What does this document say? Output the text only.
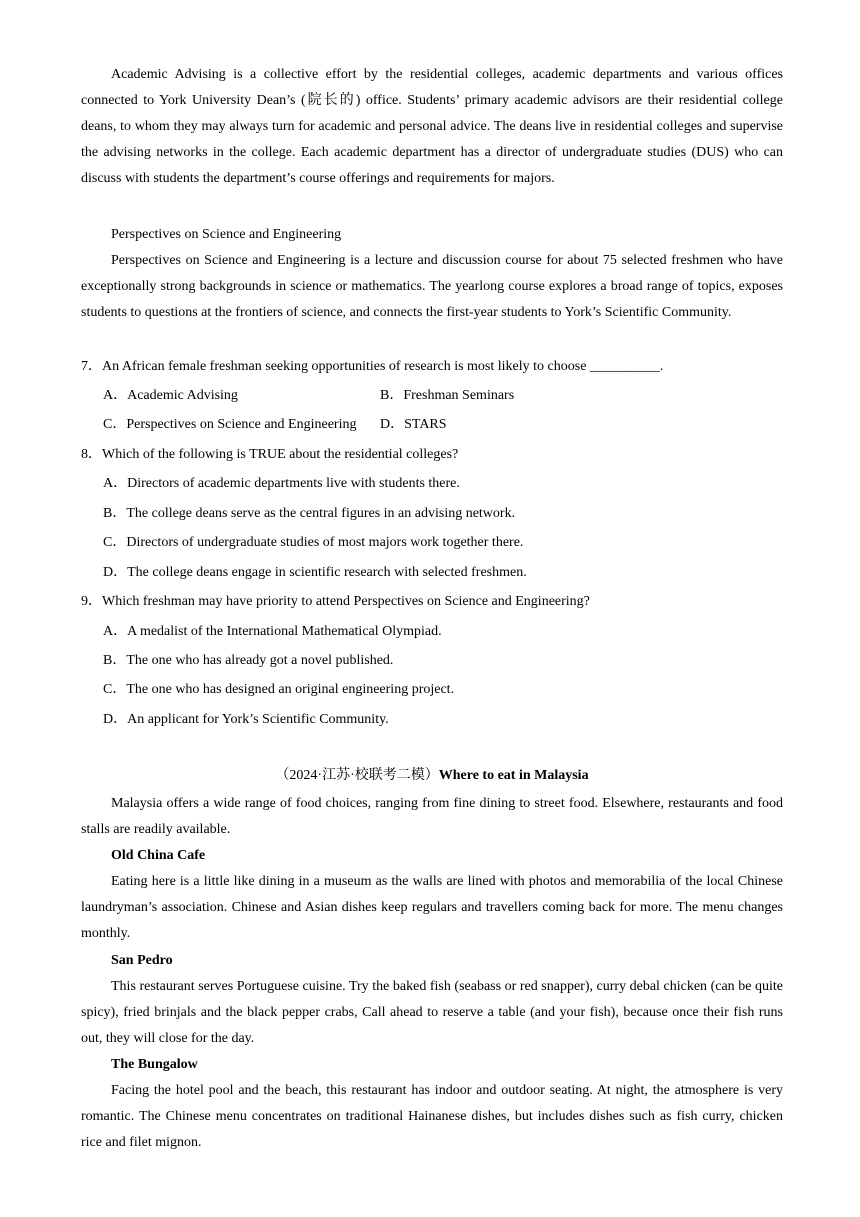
Academic Advising is a collective effort by the residential colleges, academic departments and various offices connected to York University Dean’s (院长的) office. Students’ primary academic advisors are their residential college deans, to whom they may always turn for academic and personal advice. The deans live in residential colleges and supervise the advising networks in the college. Each academic department has a director of undergraduate studies (DUS) who can discuss with students the department’s course offerings and requirements for majors.

Perspectives on Science and Engineering

Perspectives on Science and Engineering is a lecture and discussion course for about 75 selected freshmen who have exceptionally strong backgrounds in science or mathematics. The yearlong course explores a broad range of topics, exposes students to questions at the frontiers of science, and connects the first-year students to York’s Scientific Community.

7．An African female freshman seeking opportunities of research is most likely to choose __________.

A．Academic Advising	B．Freshman Seminars

C．Perspectives on Science and Engineering D．STARS

8．Which of the following is TRUE about the residential colleges?

A．Directors of academic departments live with students there.

B．The college deans serve as the central figures in an advising network.

C．Directors of undergraduate studies of most majors work together there.

D．The college deans engage in scientific research with selected freshmen.

9．Which freshman may have priority to attend Perspectives on Science and Engineering?

A．A medalist of the International Mathematical Olympiad.

B．The one who has already got a novel published.

C．The one who has designed an original engineering project.

D．An applicant for York’s Scientific Community.

（2024·江苏·校联考二模）Where to eat in Malaysia

Malaysia offers a wide range of food choices, ranging from fine dining to street food. Elsewhere, restaurants and food stalls are readily available.

Old China Cafe

Eating here is a little like dining in a museum as the walls are lined with photos and memorabilia of the local Chinese laundryman’s association. Chinese and Asian dishes keep regulars and travellers coming back for more. The menu changes monthly.

San Pedro

This restaurant serves Portuguese cuisine. Try the baked fish (seabass or red snapper), curry debal chicken (can be quite spicy), fried brinjals and the black pepper crabs, Call ahead to reserve a table (and your fish), because once their fish runs out, they will close for the day.

The Bungalow

Facing the hotel pool and the beach, this restaurant has indoor and outdoor seating. At night, the atmosphere is very romantic. The Chinese menu concentrates on traditional Hainanese dishes, but includes dishes such as fish curry, chicken rice and filet mignon.
